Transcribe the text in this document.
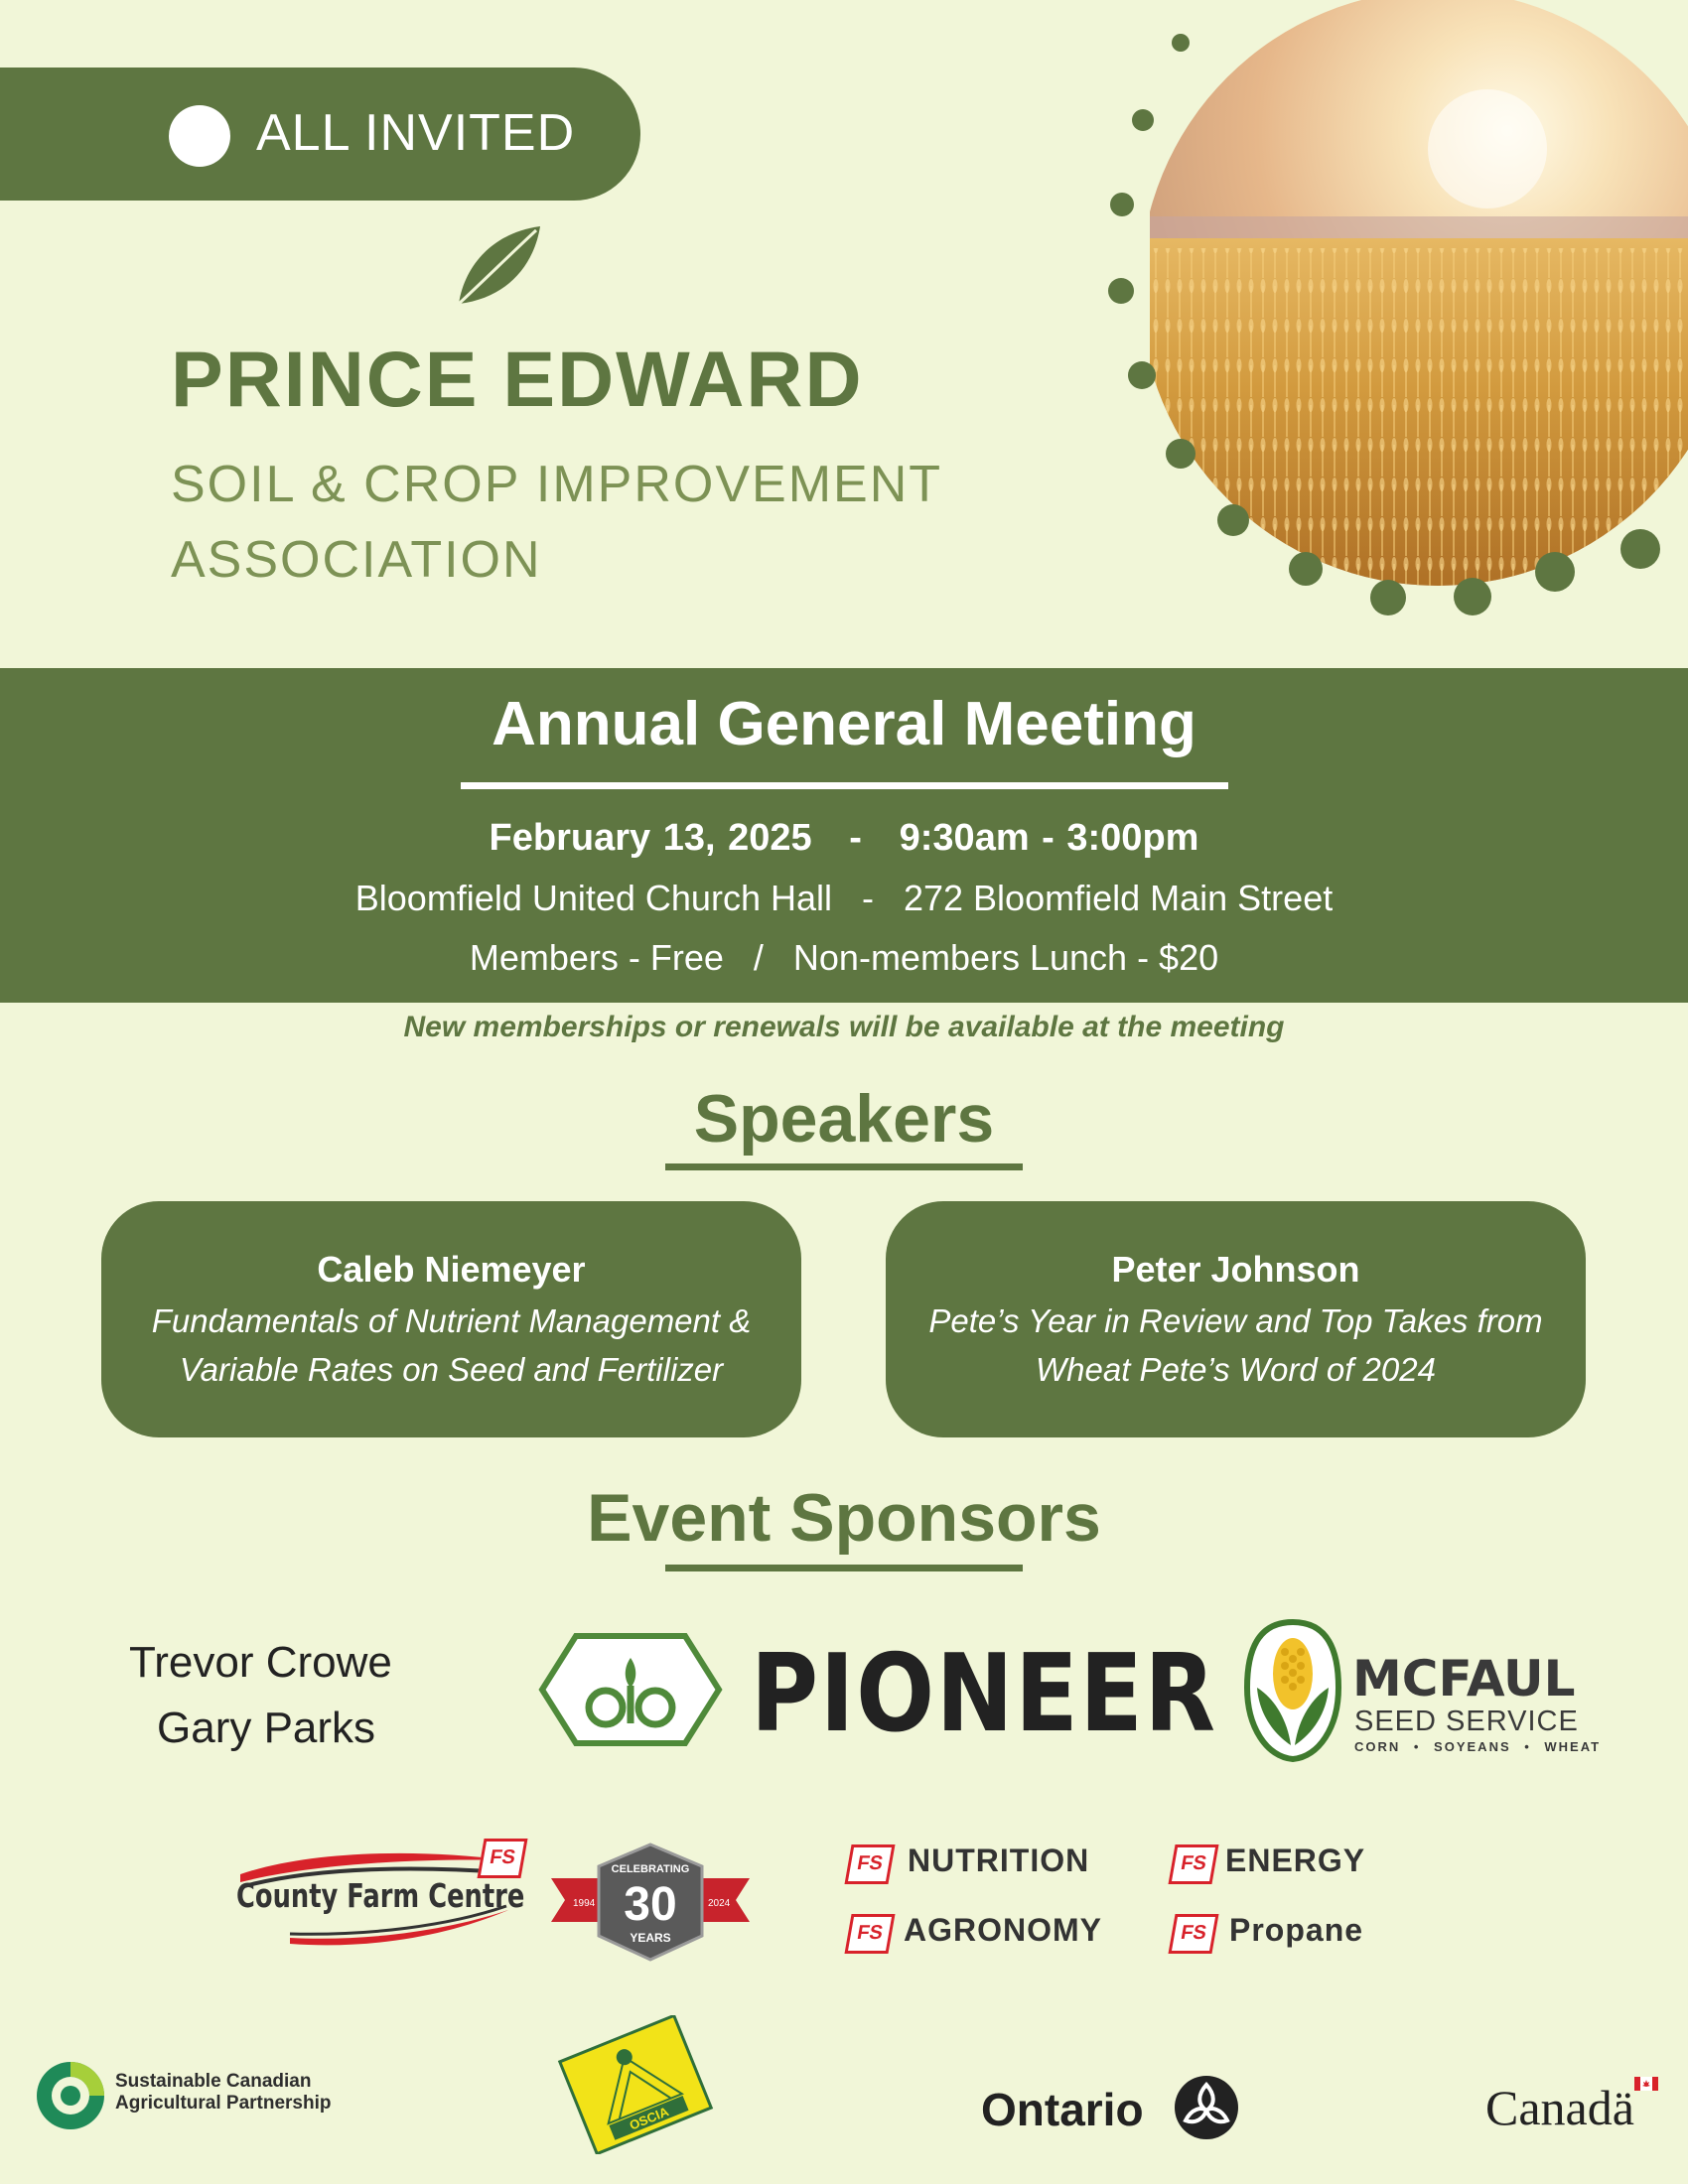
ALL INVITED
PRINCE EDWARD
SOIL & CROP IMPROVEMENT
ASSOCIATION
Annual General Meeting
February 13, 2025   -   9:30am - 3:00pm
Bloomfield United Church Hall   -   272 Bloomfield Main Street
Members - Free   /   Non-members Lunch - $20
New memberships or renewals will be available at the meeting
Speakers
Caleb Niemeyer
Fundamentals of Nutrient Management &
Variable Rates on Seed and Fertilizer
Peter Johnson
Pete’s Year in Review and Top Takes from
Wheat Pete’s Word of 2024
Event Sponsors
Trevor Crowe
Gary Parks	PIONEER	MCFAUL
SEED SERVICE
CORN • SOYEANS • WHEAT
FS
County Farm Centre
CELEBRATING
30
YEARS
1994	2024
FS NUTRITION	FS ENERGY
FS AGRONOMY	FS Propane
Sustainable Canadian
Agricultural Partnership
OSCIA	Ontario	Canadä
